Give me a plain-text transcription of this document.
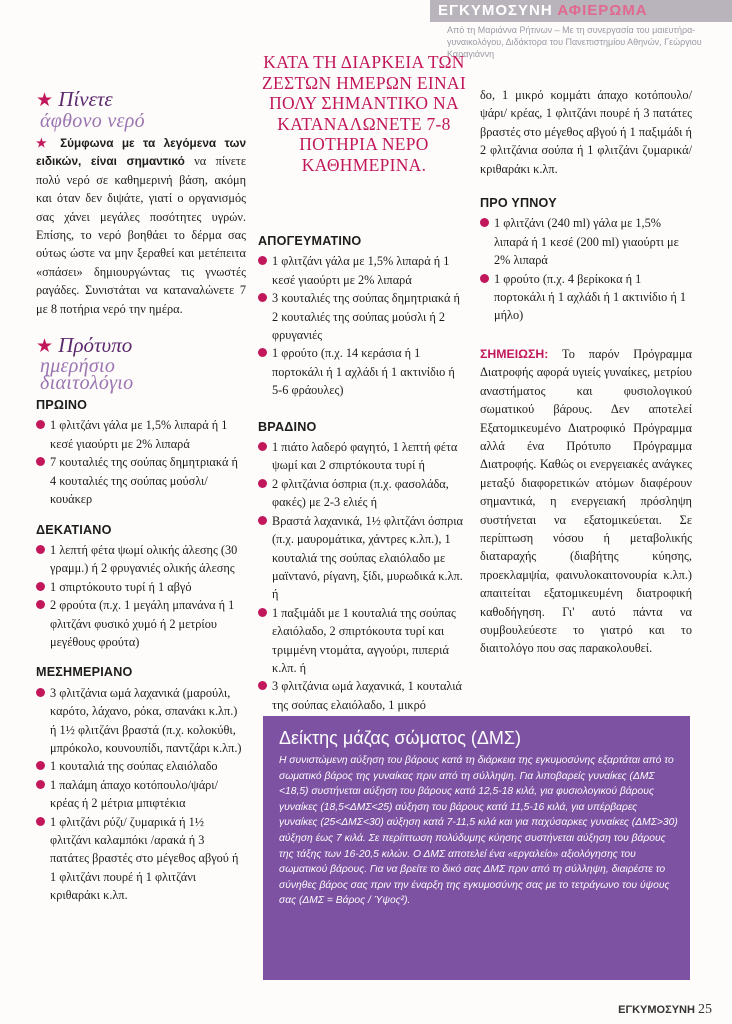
ΕΓΚΥΜΟΣΥΝΗ ΑΦΙΕΡΩΜΑ
Από τη Μαριάννα Ρήτινων – Με τη συνεργασία του μαιευτήρα-γυναικολόγου, Διδάκτορα του Πανεπιστημίου Αθηνών, Γεώργιου Καραγιάννη
★ Πίνετε
άφθονο νερό

★ Σύμφωνα με τα λεγόμενα των ειδικών, είναι σημαντικό να πίνετε πολύ νερό σε καθημερινή βάση, ακόμη και όταν δεν διψάτε, γιατί ο οργανισμός σας χάνει μεγάλες ποσότητες υγρών. Επίσης, το νερό βοηθάει το δέρμα σας ούτως ώστε να μην ξεραθεί και μετέπειτα «σπάσει» δημιουργώντας τις γνωστές ραγάδες. Συνιστάται να καταναλώνετε 7 με 8 ποτήρια νερό την ημέρα.

★ Πρότυπο
ημερήσιο διαιτολόγιο
ΠΡΩΙΝΟ

1 φλιτζάνι γάλα με 1,5% λιπαρά ή 1 κεσέ γιαούρτι με 2% λιπαρά

7 κουταλιές της σούπας δημητριακά ή 4 κουταλιές της σούπας μούσλι/κουάκερ

ΔΕΚΑΤΙΑΝΟ

1 λεπτή φέτα ψωμί ολικής άλεσης (30 γραμμ.) ή 2 φρυγανιές ολικής άλεσης

1 σπιρτόκουτο τυρί ή 1 αβγό

2 φρούτα (π.χ. 1 μεγάλη μπανάνα ή 1 φλιτζάνι φυσικό χυμό ή 2 μετρίου μεγέθους φρούτα)

ΜΕΣΗΜΕΡΙΑΝΟ

3 φλιτζάνια ωμά λαχανικά (μαρούλι, καρότο, λάχανο, ρόκα, σπανάκι κ.λπ.) ή 1½ φλιτζάνι βραστά (π.χ. κολοκύθι, μπρόκολο, κουνουπίδι, παντζάρι κ.λπ.)

1 κουταλιά της σούπας ελαιόλαδο

1 παλάμη άπαχο κοτόπουλο/ψάρι/ κρέας ή 2 μέτρια μπιφτέκια

1 φλιτζάνι ρύζι/ ζυμαρικά ή 1½ φλιτζάνι καλαμπόκι /αρακά ή 3 πατάτες βραστές στο μέγεθος αβγού ή 1 φλιτζάνι πουρέ ή 1 φλιτζάνι κριθαράκι κ.λπ.

ΚΑΤΑ ΤΗ ΔΙΑΡΚΕΙΑ ΤΩΝ ΖΕΣΤΩΝ ΗΜΕΡΩΝ ΕΙΝΑΙ ΠΟΛΥ ΣΗΜΑΝΤΙΚΟ ΝΑ ΚΑΤΑΝΑΛΩΝΕΤΕ 7-8 ΠΟΤΗΡΙΑ ΝΕΡΟ ΚΑΘΗΜΕΡΙΝΑ.
ΑΠΟΓΕΥΜΑΤΙΝΟ

1 φλιτζάνι γάλα με 1,5% λιπαρά ή 1 κεσέ γιαούρτι με 2% λιπαρά

3 κουταλιές της σούπας δημητριακά ή 2 κουταλιές της σούπας μούσλι ή 2 φρυγανιές

1 φρούτο (π.χ. 14 κεράσια ή 1 πορτοκάλι ή 1 αχλάδι ή 1 ακτινίδιο ή 5-6 φράουλες)

ΒΡΑΔΙΝΟ

1 πιάτο λαδερό φαγητό, 1 λεπτή φέτα ψωμί και 2 σπιρτόκουτα τυρί ή

2 φλιτζάνια όσπρια (π.χ. φασολάδα, φακές) με 2-3 ελιές ή

Βραστά λαχανικά, 1½ φλιτζάνι όσπρια (π.χ. μαυρομάτικα, χάντρες κ.λπ.), 1 κουταλιά της σούπας ελαιόλαδο με μαϊντανό, ρίγανη, ξίδι, μυρωδικά κ.λπ. ή

1 παξιμάδι με 1 κουταλιά της σούπας ελαιόλαδο, 2 σπιρτόκουτα τυρί και τριμμένη ντομάτα, αγγούρι, πιπεριά κ.λπ. ή

3 φλιτζάνια ωμά λαχανικά, 1 κουταλιά της σούπας ελαιόλαδο, 1 μικρό

δο, 1 μικρό κομμάτι άπαχο κοτόπουλο/ ψάρι/ κρέας, 1 φλιτζάνι πουρέ ή 3 πατάτες βραστές στο μέγεθος αβγού ή 1 παξιμάδι ή 2 φλιτζάνια σούπα ή 1 φλιτζάνι ζυμαρικά/ κριθαράκι κ.λπ.

ΠΡΟ ΥΠΝΟΥ

1 φλιτζάνι (240 ml) γάλα με 1,5% λιπαρά ή 1 κεσέ (200 ml) γιαούρτι με 2% λιπαρά

1 φρούτο (π.χ. 4 βερίκοκα ή 1 πορτοκάλι ή 1 αχλάδι ή 1 ακτινίδιο ή 1 μήλο)

ΣΗΜΕΙΩΣΗ: Το παρόν Πρόγραμμα Διατροφής αφορά υγιείς γυναίκες, μετρίου αναστήματος και φυσιολογικού σωματικού βάρους. Δεν αποτελεί Εξατομικευμένο Διατροφικό Πρόγραμμα αλλά ένα Πρότυπο Πρόγραμμα Διατροφής. Καθώς οι ενεργειακές ανάγκες μεταξύ διαφορετικών ατόμων διαφέρουν σημαντικά, η ενεργειακή πρόσληψη συστήνεται να εξατομικεύεται. Σε περίπτωση νόσου ή μεταβολικής διαταραχής (διαβήτης κύησης, προεκλαμψία, φαινυλοκαιτονουρία κ.λπ.) απαιτείται εξατομικευμένη διατροφική καθοδήγηση. Γι' αυτό πάντα να συμβουλεύεστε το γιατρό και το διαιτολόγο που σας παρακολουθεί.

Δείκτης μάζας σώματος (ΔΜΣ)
Η συνιστώμενη αύξηση του βάρους κατά τη διάρκεια της εγκυμοσύνης εξαρτάται από το σωματικό βάρος της γυναίκας πριν από τη σύλληψη. Για λιποβαρείς γυναίκες (ΔΜΣ <18,5) συστήνεται αύξηση του βάρους κατά 12,5-18 κιλά, για φυσιολογικού βάρους γυναίκες (18,5<ΔΜΣ<25) αύξηση του βάρους κατά 11,5-16 κιλά, για υπέρβαρες γυναίκες (25<ΔΜΣ<30) αύξηση κατά 7-11,5 κιλά και για παχύσαρκες γυναίκες (ΔΜΣ>30) αύξηση έως 7 κιλά. Σε περίπτωση πολύδυμης κύησης συστήνεται αύξηση του βάρους της τάξης των 16-20,5 κιλών. Ο ΔΜΣ αποτελεί ένα «εργαλείο» αξιολόγησης του σωματικού βάρους. Για να βρείτε το δικό σας ΔΜΣ πριν από τη σύλληψη, διαιρέστε το σύνηθες βάρος σας πριν την έναρξη της εγκυμοσύνης σας με το τετράγωνο του ύψους σας (ΔΜΣ = Βάρος / Ύψος²).
ΕΓΚΥΜΟΣΥΝΗ 25
